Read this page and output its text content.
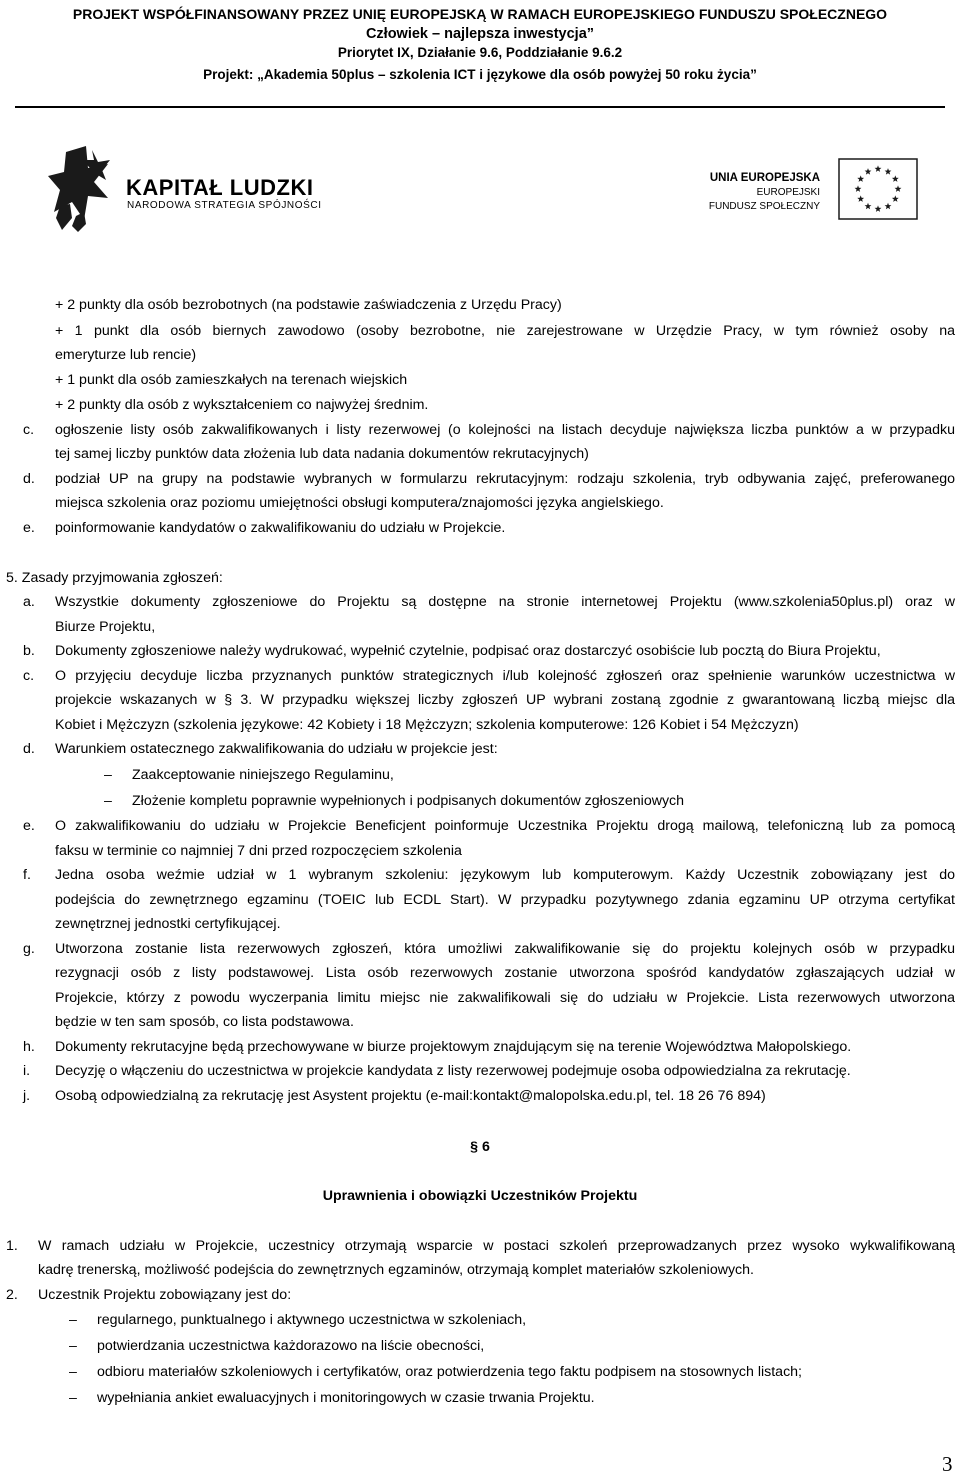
PROJEKT WSPÓŁFINANSOWANY PRZEZ UNIĘ EUROPEJSKĄ W RAMACH EUROPEJSKIEGO FUNDUSZU SPOŁECZNEGO
Człowiek – najlepsza inwestycja”
Priorytet IX, Działanie 9.6, Poddziałanie 9.6.2
Projekt: „Akademia 50plus – szkolenia ICT i językowe dla osób powyżej 50 roku życia”
KAPITAŁ LUDZKI
NARODOWA STRATEGIA SPÓJNOŚCI
UNIA EUROPEJSKA
EUROPEJSKI
FUNDUSZ SPOŁECZNY
+ 2 punkty dla osób bezrobotnych (na podstawie zaświadczenia z Urzędu Pracy)
+ 1 punkt dla osób biernych zawodowo (osoby bezrobotne, nie zarejestrowane w Urzędzie Pracy, w tym również osoby na
emeryturze lub rencie)
+ 1 punkt dla osób zamieszkałych na terenach wiejskich
+ 2 punkty dla osób z wykształceniem co najwyżej średnim.
c. ogłoszenie listy osób zakwalifikowanych i listy rezerwowej (o kolejności na listach decyduje największa liczba punktów a w przypadku
tej samej liczby punktów data złożenia lub data nadania dokumentów rekrutacyjnych)
d. podział UP na grupy na podstawie wybranych w formularzu rekrutacyjnym: rodzaju szkolenia, tryb odbywania zajęć, preferowanego
miejsca szkolenia oraz poziomu umiejętności obsługi komputera/znajomości języka angielskiego.
e. poinformowanie kandydatów o zakwalifikowaniu do udziału w Projekcie.
5. Zasady przyjmowania zgłoszeń:
a. Wszystkie dokumenty zgłoszeniowe do Projektu są dostępne na stronie internetowej Projektu (www.szkolenia50plus.pl) oraz w
Biurze Projektu,
b. Dokumenty zgłoszeniowe należy wydrukować, wypełnić czytelnie, podpisać oraz dostarczyć osobiście lub pocztą do Biura Projektu,
c. O przyjęciu decyduje liczba przyznanych punktów strategicznych i/lub kolejność zgłoszeń oraz spełnienie warunków uczestnictwa w
projekcie wskazanych w § 3. W przypadku większej liczby zgłoszeń UP wybrani zostaną zgodnie z gwarantowaną liczbą miejsc dla
Kobiet i Mężczyzn (szkolenia językowe: 42 Kobiety i 18 Mężczyzn; szkolenia komputerowe: 126 Kobiet i 54 Mężczyzn)
d. Warunkiem ostatecznego zakwalifikowania do udziału w projekcie jest:
– Zaakceptowanie niniejszego Regulaminu,
– Złożenie kompletu poprawnie wypełnionych i podpisanych dokumentów zgłoszeniowych
e. O zakwalifikowaniu do udziału w Projekcie Beneficjent poinformuje Uczestnika Projektu drogą mailową, telefoniczną lub za pomocą
faksu w terminie co najmniej 7 dni przed rozpoczęciem szkolenia
f. Jedna osoba weźmie udział w 1 wybranym szkoleniu: językowym lub komputerowym. Każdy Uczestnik zobowiązany jest do
podejścia do zewnętrznego egzaminu (TOEIC lub ECDL Start). W przypadku pozytywnego zdania egzaminu UP otrzyma certyfikat
zewnętrznej jednostki certyfikującej.
g. Utworzona zostanie lista rezerwowych zgłoszeń, która umożliwi zakwalifikowanie się do projektu kolejnych osób w przypadku
rezygnacji osób z listy podstawowej. Lista osób rezerwowych zostanie utworzona spośród kandydatów zgłaszających udział w
Projekcie, którzy z powodu wyczerpania limitu miejsc nie zakwalifikowali się do udziału w Projekcie. Lista rezerwowych utworzona
będzie w ten sam sposób, co lista podstawowa.
h. Dokumenty rekrutacyjne będą przechowywane w biurze projektowym znajdującym się na terenie Województwa Małopolskiego.
i. Decyzję o włączeniu do uczestnictwa w projekcie kandydata z listy rezerwowej podejmuje osoba odpowiedzialna za rekrutację.
j. Osobą odpowiedzialną za rekrutację jest Asystent projektu (e-mail:kontakt@malopolska.edu.pl, tel. 18 26 76 894)
§ 6
Uprawnienia i obowiązki Uczestników Projektu
1. W ramach udziału w Projekcie, uczestnicy otrzymają wsparcie w postaci szkoleń przeprowadzanych przez wysoko wykwalifikowaną
kadrę trenerską, możliwość podejścia do zewnętrznych egzaminów, otrzymają komplet materiałów szkoleniowych.
2. Uczestnik Projektu zobowiązany jest do:
– regularnego, punktualnego i aktywnego uczestnictwa w szkoleniach,
– potwierdzania uczestnictwa każdorazowo na liście obecności,
– odbioru materiałów szkoleniowych i certyfikatów, oraz potwierdzenia tego faktu podpisem na stosownych listach;
– wypełniania ankiet ewaluacyjnych i monitoringowych w czasie trwania Projektu.
3
